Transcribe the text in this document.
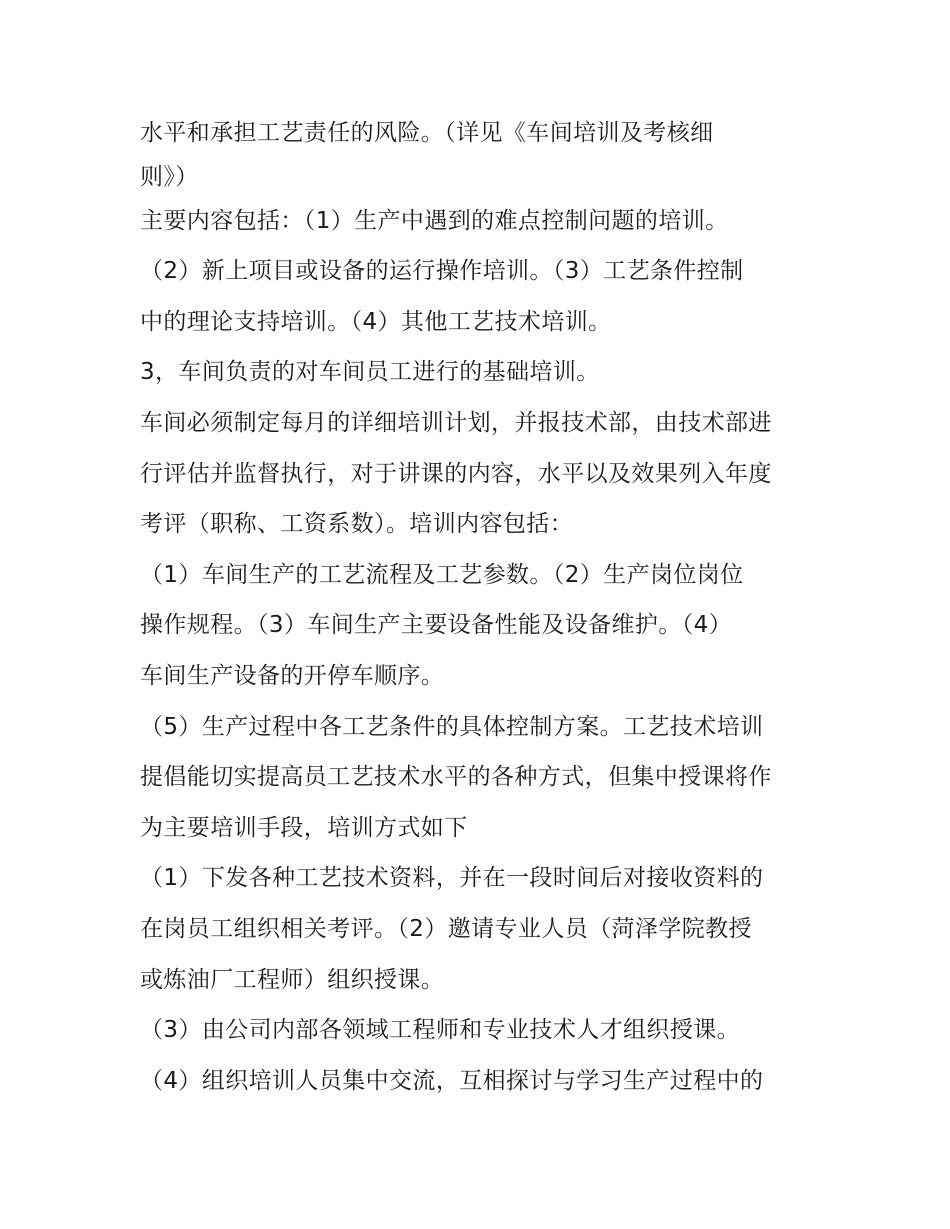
水平和承担工艺责任的风险。（详见《车间培训及考核细
则》）
主要内容包括：（1）生产中遇到的难点控制问题的培训。
（2）新上项目或设备的运行操作培训。（3）工艺条件控制
中的理论支持培训。（4）其他工艺技术培训。
3，车间负责的对车间员工进行的基础培训。
车间必须制定每月的详细培训计划，并报技术部，由技术部进
行评估并监督执行，对于讲课的内容，水平以及效果列入年度
考评（职称、工资系数）。培训内容包括：
（1）车间生产的工艺流程及工艺参数。（2）生产岗位岗位
操作规程。（3）车间生产主要设备性能及设备维护。（4）
车间生产设备的开停车顺序。
（5）生产过程中各工艺条件的具体控制方案。工艺技术培训
提倡能切实提高员工艺技术水平的各种方式，但集中授课将作
为主要培训手段，培训方式如下
（1）下发各种工艺技术资料，并在一段时间后对接收资料的
在岗员工组织相关考评。（2）邀请专业人员（菏泽学院教授
或炼油厂工程师）组织授课。
（3）由公司内部各领域工程师和专业技术人才组织授课。
（4）组织培训人员集中交流，互相探讨与学习生产过程中的
